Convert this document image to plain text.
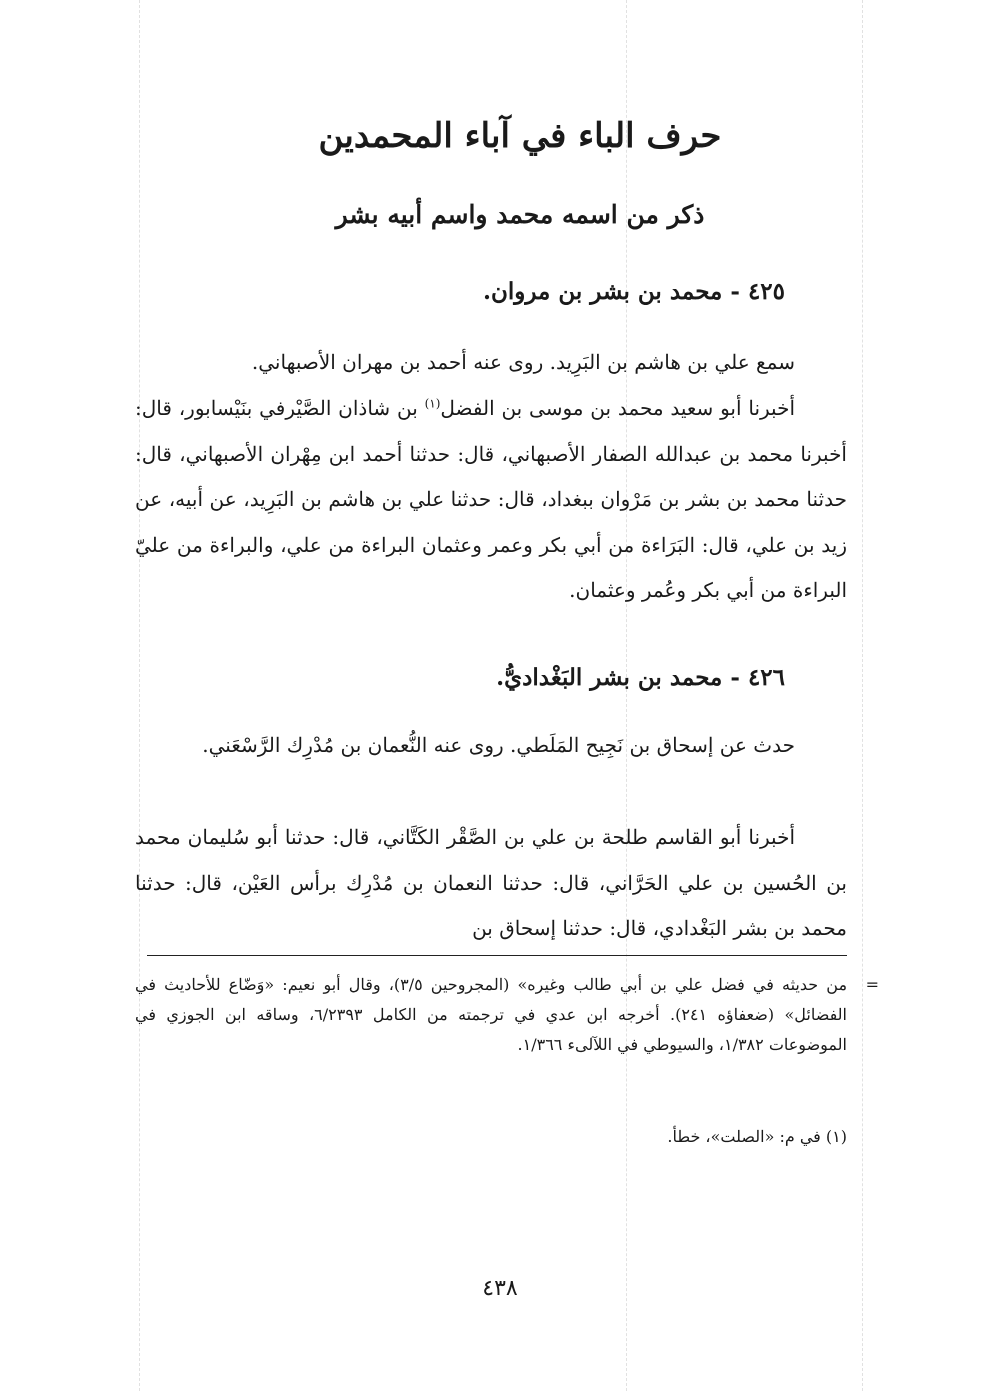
حرف الباء في آباء المحمدين
ذكر من اسمه محمد واسم أبيه بشر
٤٢٥ - محمد بن بشر بن مروان.
سمع علي بن هاشم بن البَرِيد. روى عنه أحمد بن مهران الأصبهاني.
أخبرنا أبو سعيد محمد بن موسى بن الفضل$^{(١)}$ بن شاذان الصَّيْرفي بنَيْسابور، قال: أخبرنا محمد بن عبدالله الصفار الأصبهاني، قال: حدثنا أحمد ابن مِهْران الأصبهاني، قال: حدثنا محمد بن بشر بن مَرْوان ببغداد، قال: حدثنا علي بن هاشم بن البَرِيد، عن أبيه، عن زيد بن علي، قال: البَرَاءة من أبي بكر وعمر وعثمان البراءة من علي، والبراءة من عليّ البراءة من أبي بكر وعُمر وعثمان.
٤٢٦ - محمد بن بشر البَغْداديُّ.
حدث عن إسحاق بن نَجِيح المَلَطي. روى عنه النُّعمان بن مُدْرِك الرَّسْعَني.
أخبرنا أبو القاسم طلحة بن علي بن الصَّقْر الكَتَّاني، قال: حدثنا أبو سُليمان محمد بن الحُسين بن علي الحَرَّاني، قال: حدثنا النعمان بن مُدْرِك برأس العَيْن، قال: حدثنا محمد بن بشر البَغْدادي، قال: حدثنا إسحاق بن
=
من حديثه في فضل علي بن أبي طالب وغيره» (المجروحين ٣/٥)، وقال أبو نعيم: «وَضّاع للأحاديث في الفضائل» (ضعفاؤه ٢٤١). أخرجه ابن عدي في ترجمته من الكامل ٦/٢٣٩٣، وساقه ابن الجوزي في الموضوعات ١/٣٨٢، والسيوطي في اللآلىء ١/٣٦٦.
(١) في م: «الصلت»، خطأ.
٤٣٨
